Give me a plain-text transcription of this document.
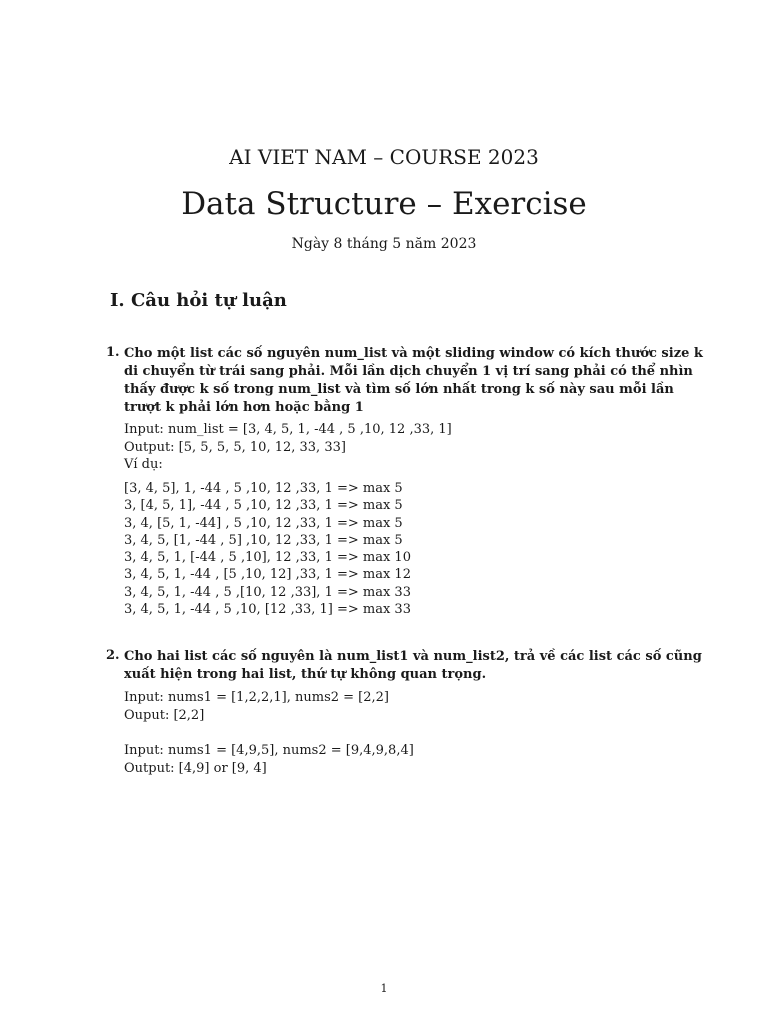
AI VIET NAM – COURSE 2023
Data Structure – Exercise
Ngày 8 tháng 5 năm 2023
I. Câu hỏi tự luận
1. Cho một list các số nguyên num_list và một sliding window có kích thước size k di chuyển từ trái sang phải. Mỗi lần dịch chuyển 1 vị trí sang phải có thể nhìn thấy được k số trong num_list và tìm số lớn nhất trong k số này sau mỗi lần trượt k phải lớn hơn hoặc bằng 1
Input: num_list = [3, 4, 5, 1, -44 , 5 ,10, 12 ,33, 1]
Output: [5, 5, 5, 5, 10, 12, 33, 33]
Ví dụ:
[3, 4, 5], 1, -44 , 5 ,10, 12 ,33, 1 => max 5
3, [4, 5, 1], -44 , 5 ,10, 12 ,33, 1 => max 5
3, 4, [5, 1, -44] , 5 ,10, 12 ,33, 1 => max 5
3, 4, 5, [1, -44 , 5] ,10, 12 ,33, 1 => max 5
3, 4, 5, 1, [-44 , 5 ,10], 12 ,33, 1 => max 10
3, 4, 5, 1, -44 , [5 ,10, 12] ,33, 1 => max 12
3, 4, 5, 1, -44 , 5 ,[10, 12 ,33], 1 => max 33
3, 4, 5, 1, -44 , 5 ,10, [12 ,33, 1] => max 33
2. Cho hai list các số nguyên là num_list1 và num_list2, trả về các list các số cũng xuất hiện trong hai list, thứ tự không quan trọng.
Input: nums1 = [1,2,2,1], nums2 = [2,2]
Ouput: [2,2]
Input: nums1 = [4,9,5], nums2 = [9,4,9,8,4]
Output: [4,9] or [9, 4]
1
